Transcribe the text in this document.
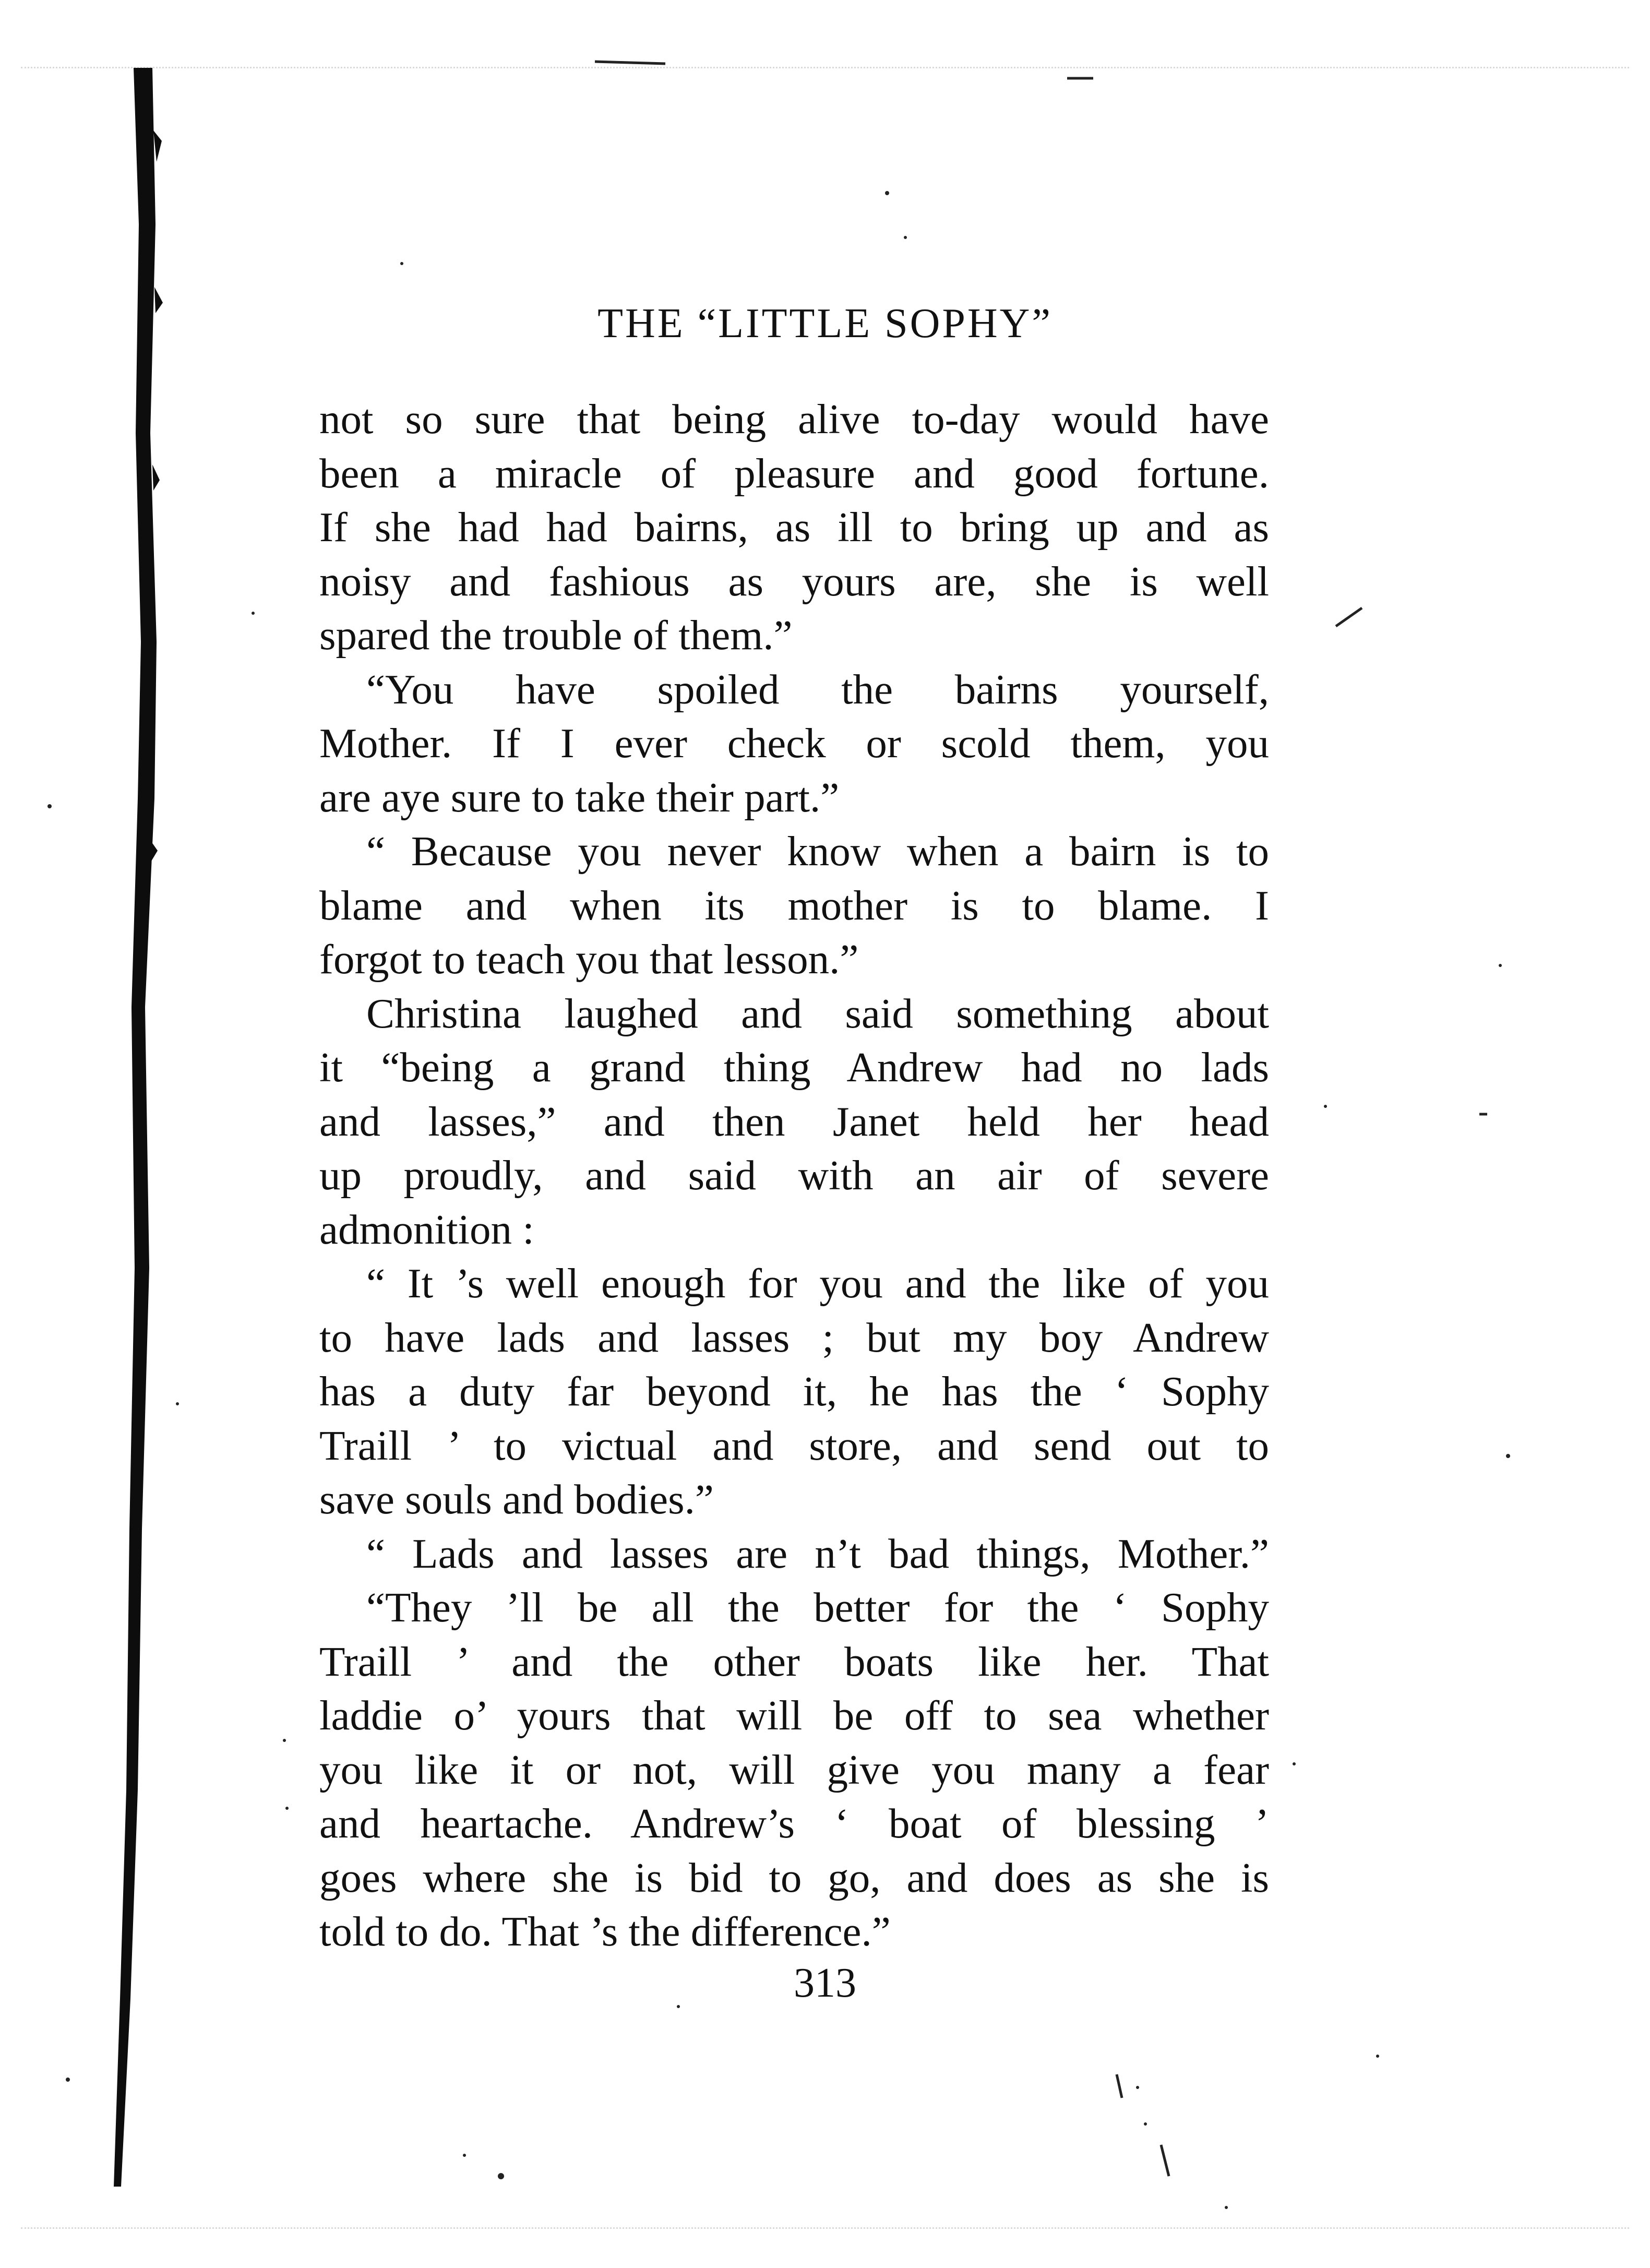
THE “LITTLE SOPHY”
not so sure that being alive to-day would have
been a miracle of pleasure and good fortune.
If she had had bairns, as ill to bring up and as
noisy and fashious as yours are, she is well
spared the trouble of them.”
“You have spoiled the bairns yourself,
Mother. If I ever check or scold them, you
are aye sure to take their part.”
“ Because you never know when a bairn is to
blame and when its mother is to blame. I
forgot to teach you that lesson.”
Christina laughed and said something about
it “being a grand thing Andrew had no lads
and lasses,” and then Janet held her head
up proudly, and said with an air of severe
admonition :
“ It ’s well enough for you and the like of you
to have lads and lasses ; but my boy Andrew
has a duty far beyond it, he has the ‘ Sophy
Traill ’ to victual and store, and send out to
save souls and bodies.”
“ Lads and lasses are n’t bad things, Mother.”
“They ’ll be all the better for the ‘ Sophy
Traill ’ and the other boats like her. That
laddie o’ yours that will be off to sea whether
you like it or not, will give you many a fear
and heartache. Andrew’s ‘ boat of blessing ’
goes where she is bid to go, and does as she is
told to do. That ’s the difference.”
313
